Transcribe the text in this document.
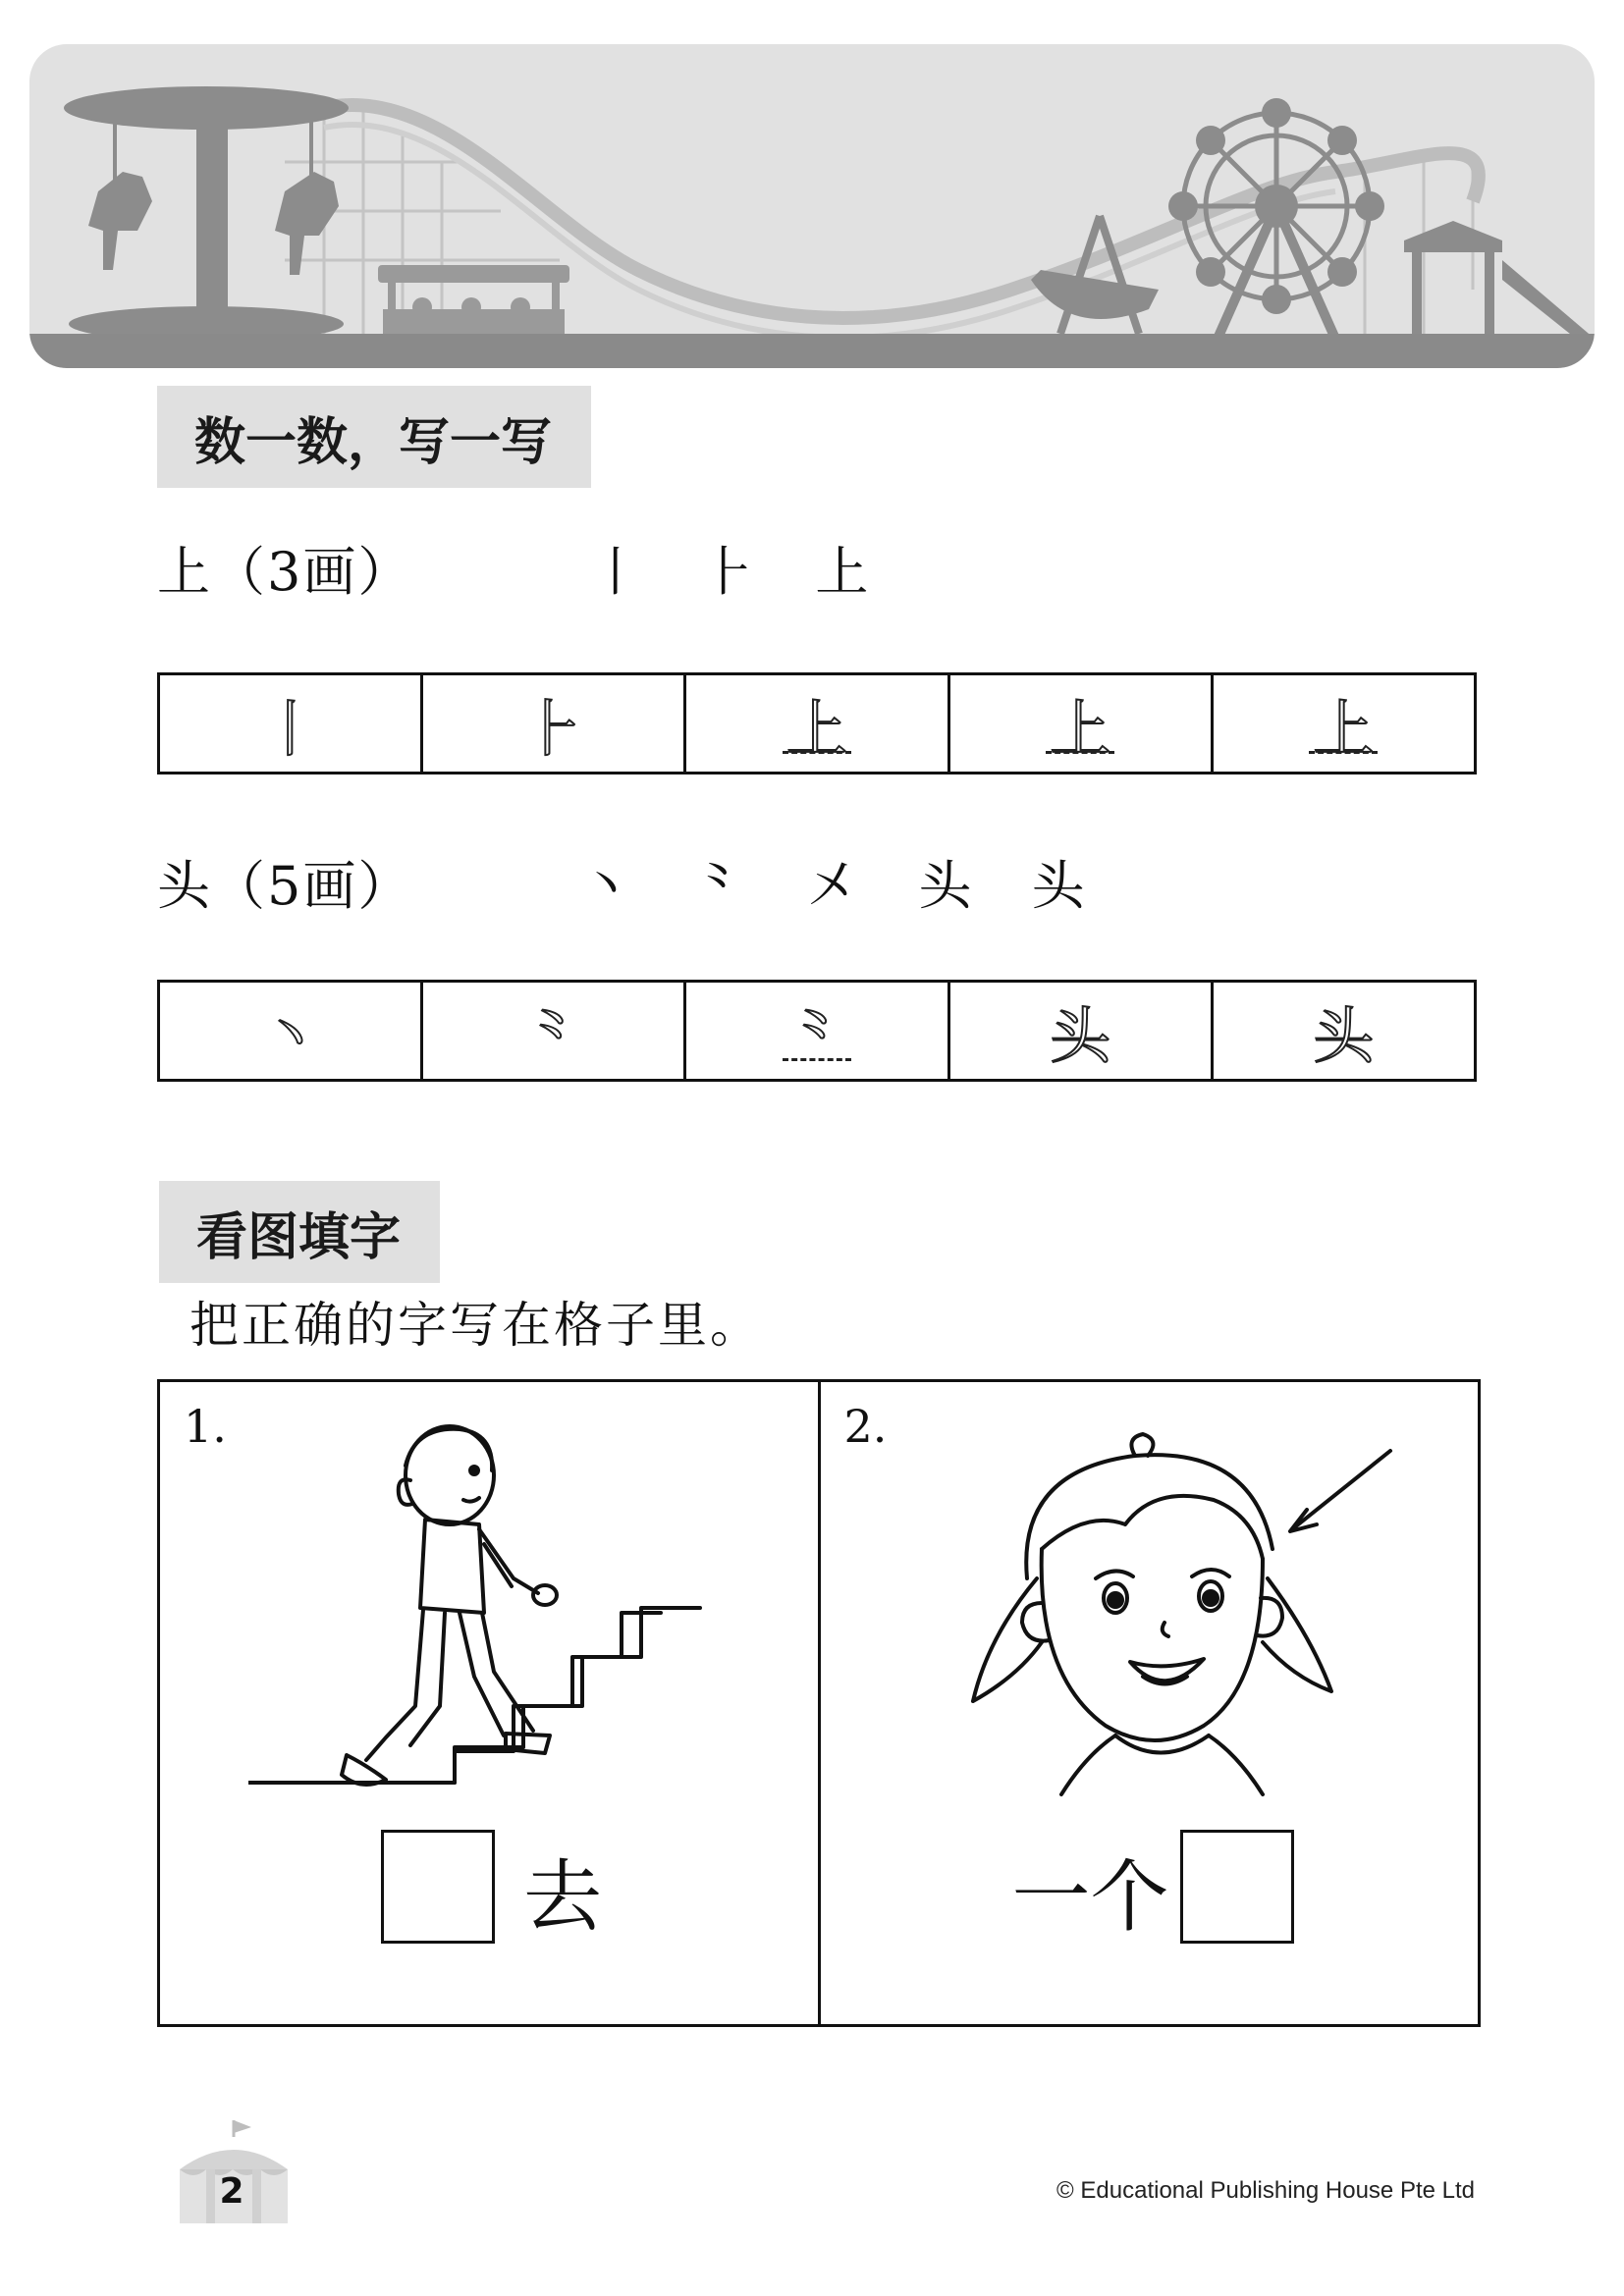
数一数，写一写
上（3画）	丨 ⺊ 上
丨	⺊	上	上	上
头（5画）	丶 ⺀ 㐅 头 头
丶	⺀	⺀	头	头
看图填字
把正确的字写在格子里。
1.
去
2.
一个
2	© Educational Publishing House Pte Ltd
